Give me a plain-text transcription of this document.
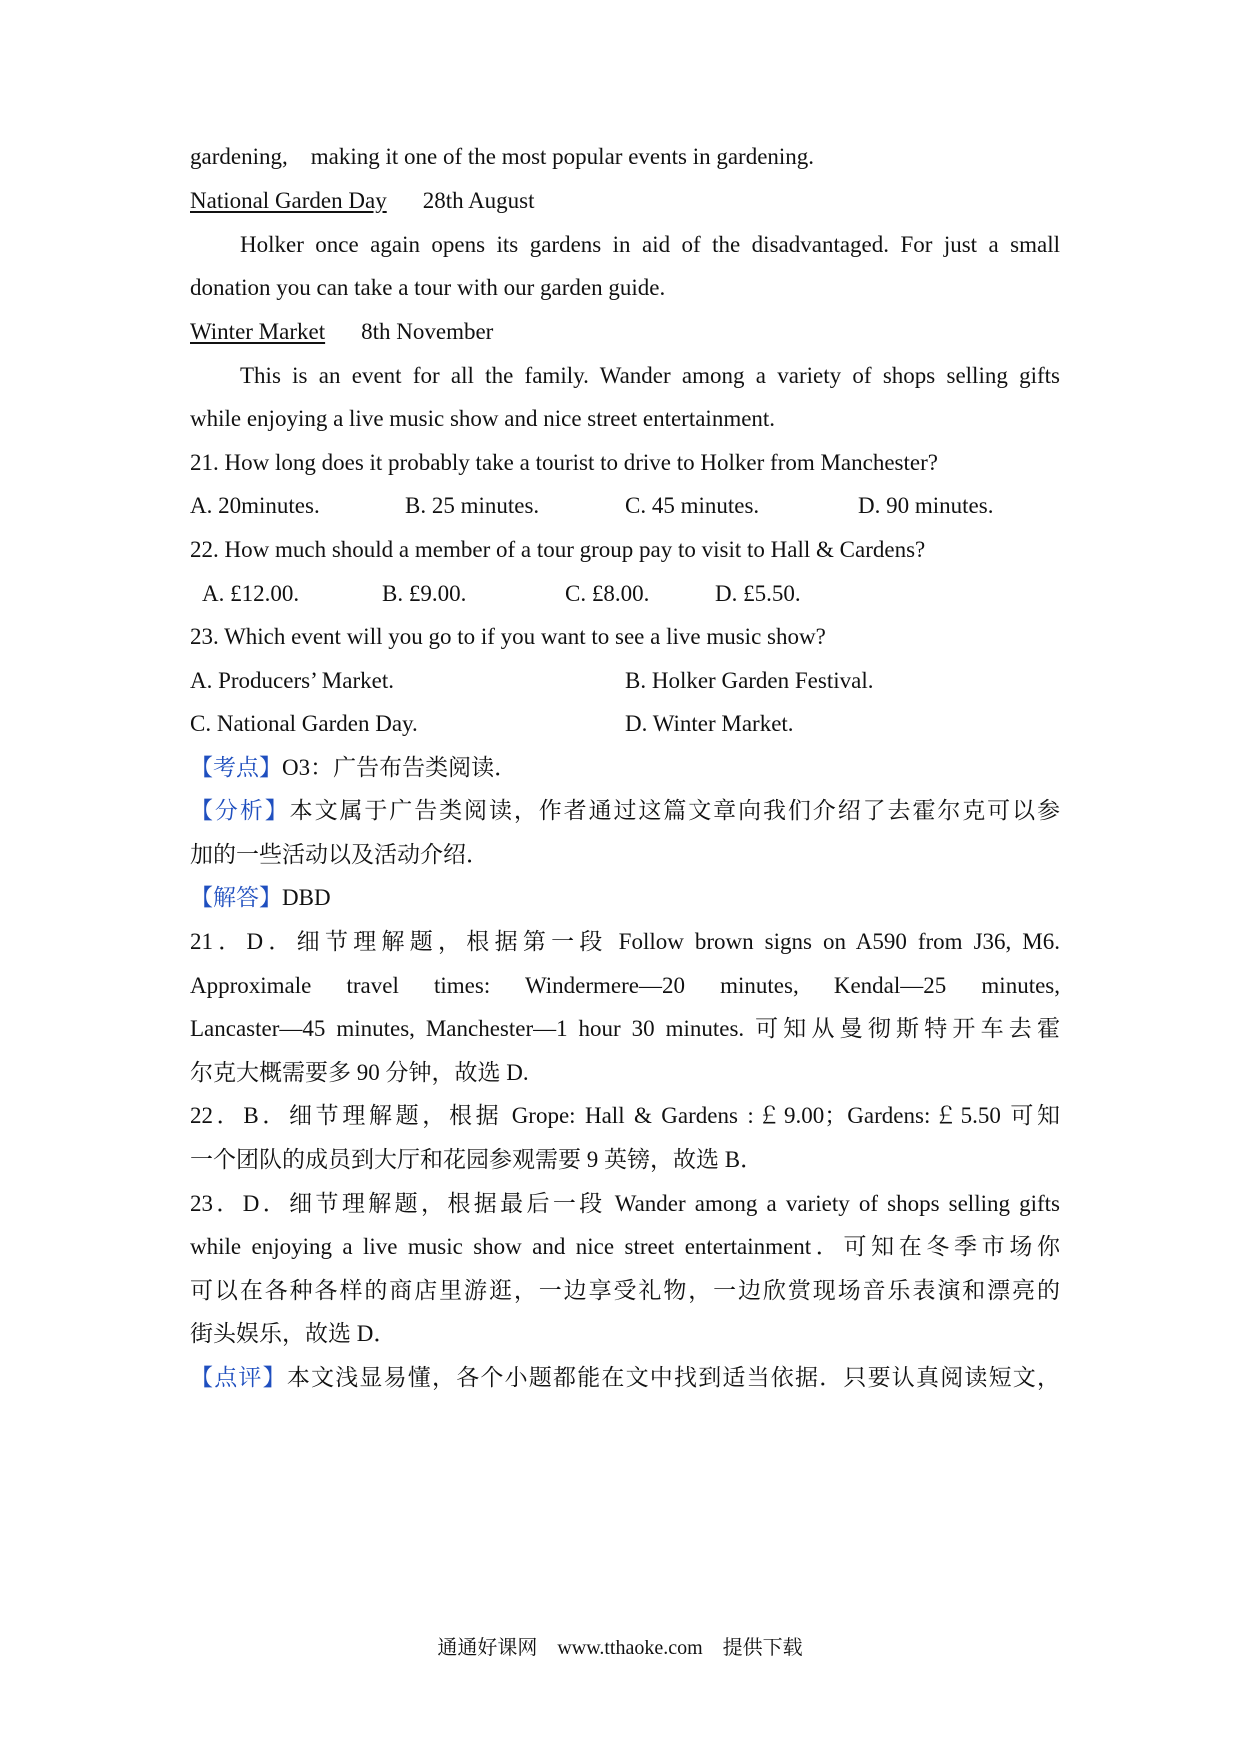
gardening,　making it one of the most popular events in gardening.
National Garden Day 28th August
Holker once again opens its gardens in aid of the disadvantaged. For just a small
donation you can take a tour with our garden guide.
Winter Market 8th November
This is an event for all the family. Wander among a variety of shops selling gifts
while enjoying a live music show and nice street entertainment.
21. How long does it probably take a tourist to drive to Holker from Manchester?
A. 20minutes.	B. 25 minutes.	C. 45 minutes.	D. 90 minutes.
22. How much should a member of a tour group pay to visit to Hall & Cardens?
A. £12.00.	B. £9.00.	C. £8.00.	D. £5.50.
23. Which event will you go to if you want to see a live music show?
A. Producers’ Market.	B. Holker Garden Festival.
C. National Garden Day.	D. Winter Market.
【考点】O3：广告布告类阅读．
【分析】本文属于广告类阅读，作者通过这篇文章向我们介绍了去霍尔克可以参
加的一些活动以及活动介绍．
【解答】DBD
21．D．细节理解题，根据第一段 Follow brown signs on A590 from J36, M6.
Approximale travel times: Windermere—20 minutes, Kendal—25 minutes,
Lancaster—45 minutes, Manchester—1 hour 30 minutes. 可知从曼彻斯特开车去霍
尔克大概需要多 90 分钟，故选 D.
22．B．细节理解题，根据 Grope: Hall & Gardens :￡9.00；Gardens:￡5.50 可知
一个团队的成员到大厅和花园参观需要 9 英镑，故选 B．
23．D．细节理解题，根据最后一段 Wander among a variety of shops selling gifts
while enjoying a live music show and nice street entertainment．可知在冬季市场你
可以在各种各样的商店里游逛，一边享受礼物，一边欣赏现场音乐表演和漂亮的
街头娱乐，故选 D．
【点评】本文浅显易懂，各个小题都能在文中找到适当依据．只要认真阅读短文，
通通好课网　www.tthaoke.com　提供下载
